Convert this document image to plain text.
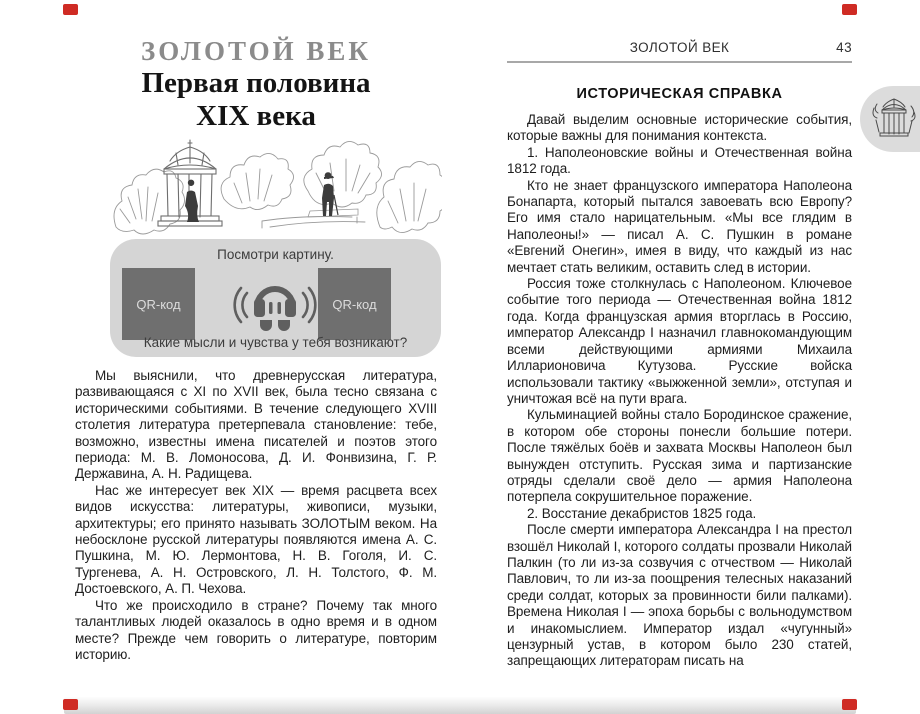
ЗОЛОТОЙ ВЕК
Первая половина
XIX века
Посмотри картину.
QR-код	QR-код
Какие мысли и чувства у тебя возникают?

Мы выяснили, что древнерусская литература, развивающаяся с XI по XVII век, была тесно связана с историческими событиями. В течение следующего XVIII столетия литература претерпевала становление: тебе, возможно, известны имена писателей и поэтов этого периода: М. В. Ломоносова, Д. И. Фонвизина, Г. Р. Державина, А. Н. Радищева.

Нас же интересует век XIX — время расцвета всех видов искусства: литературы, живописи, музыки, архитектуры; его принято называть ЗОЛОТЫМ веком. На небосклоне русской литературы появляются имена А. С. Пушкина, М. Ю. Лермонтова, Н. В. Гоголя, И. С. Тургенева, А. Н. Островского, Л. Н. Толстого, Ф. М. Достоевского, А. П. Чехова.

Что же происходило в стране? Почему так много талантливых людей оказалось в одно время и в одном месте? Прежде чем говорить о литературе, повторим историю.

ЗОЛОТОЙ ВЕК	43
ИСТОРИЧЕСКАЯ СПРАВКА

Давай выделим основные исторические события, которые важны для понимания контекста.

1. Наполеоновские войны и Отечественная война 1812 года.

Кто не знает французского императора Наполеона Бонапарта, который пытался завоевать всю Европу? Его имя стало нарицательным. «Мы все глядим в Наполеоны!» — писал А. С. Пушкин в романе «Евгений Онегин», имея в виду, что каждый из нас мечтает стать великим, оставить след в истории.

Россия тоже столкнулась с Наполеоном. Ключевое событие того периода — Отечественная война 1812 года. Когда французская армия вторглась в Россию, император Александр I назначил главнокомандующим всеми действующими армиями Михаила Илларионовича Кутузова. Русские войска использовали тактику «выжженной земли», отступая и уничтожая всё на пути врага.

Кульминацией войны стало Бородинское сражение, в котором обе стороны понесли большие потери. После тяжёлых боёв и захвата Москвы Наполеон был вынужден отступить. Русская зима и партизанские отряды сделали своё дело — армия Наполеона потерпела сокрушительное поражение.

2. Восстание декабристов 1825 года.

После смерти императора Александра I на престол взошёл Николай I, которого солдаты прозвали Николай Палкин (то ли из-за созвучия с отчеством — Николай Павлович, то ли из-за поощрения телесных наказаний среди солдат, которых за провинности били палками). Времена Николая I — эпоха борьбы с вольнодумством и инакомыслием. Император издал «чугунный» цензурный устав, в котором было 230 статей, запрещающих литераторам писать на
